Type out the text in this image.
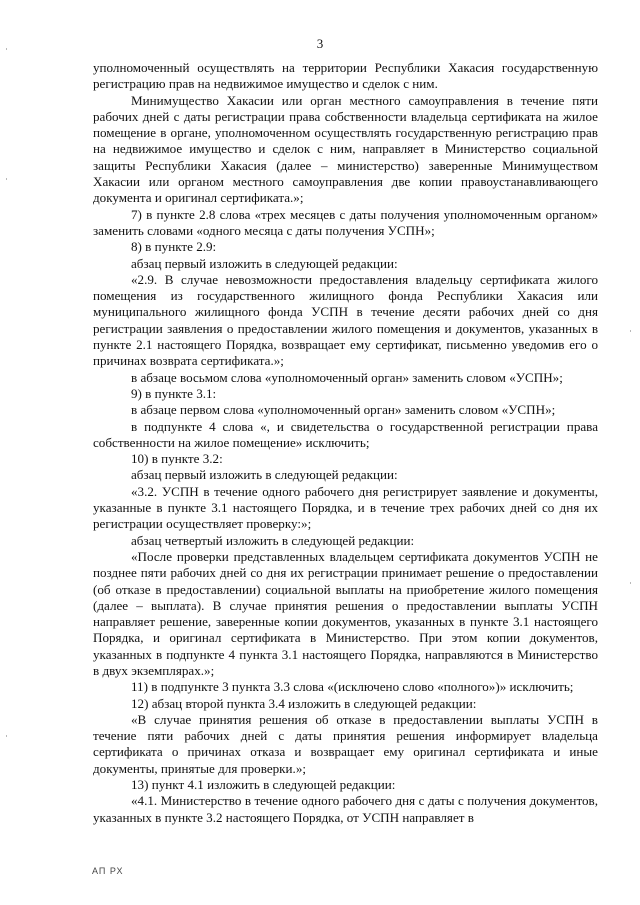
3

уполномоченный осуществлять на территории Республики Хакасия государственную регистрацию прав на недвижимое имущество и сделок с ним.

Минимущество Хакасии или орган местного самоуправления в течение пяти рабочих дней с даты регистрации права собственности владельца сертификата на жилое помещение в органе, уполномоченном осуществлять государственную регистрацию прав на недвижимое имущество и сделок с ним, направляет в Министерство социальной защиты Республики Хакасия (далее – министерство) заверенные Минимуществом Хакасии или органом местного самоуправления две копии правоустанавливающего документа и оригинал сертификата.»;

7) в пункте 2.8 слова «трех месяцев с даты получения уполномоченным органом» заменить словами «одного месяца с даты получения УСПН»;

8) в пункте 2.9:

абзац первый изложить в следующей редакции:

«2.9. В случае невозможности предоставления владельцу сертификата жилого помещения из государственного жилищного фонда Республики Хакасия или муниципального жилищного фонда УСПН в течение десяти рабочих дней со дня регистрации заявления о предоставлении жилого помещения и документов, указанных в пункте 2.1 настоящего Порядка, возвращает ему сертификат, письменно уведомив его о причинах возврата сертификата.»;

в абзаце восьмом слова «уполномоченный орган» заменить словом «УСПН»;

9) в пункте 3.1:

в абзаце первом слова «уполномоченный орган» заменить словом «УСПН»;

в подпункте 4 слова «, и свидетельства о государственной регистрации права собственности на жилое помещение» исключить;

10) в пункте 3.2:

абзац первый изложить в следующей редакции:

«3.2. УСПН в течение одного рабочего дня регистрирует заявление и документы, указанные в пункте 3.1 настоящего Порядка, и в течение трех рабочих дней со дня их регистрации осуществляет проверку:»;

абзац четвертый изложить в следующей редакции:

«После проверки представленных владельцем сертификата документов УСПН не позднее пяти рабочих дней со дня их регистрации принимает решение о предоставлении (об отказе в предоставлении) социальной выплаты на приобретение жилого помещения (далее – выплата). В случае принятия решения о предоставлении выплаты УСПН направляет решение, заверенные копии документов, указанных в пункте 3.1 настоящего Порядка, и оригинал сертификата в Министерство. При этом копии документов, указанных в подпункте 4 пункта 3.1 настоящего Порядка, направляются в Министерство в двух экземплярах.»;

11) в подпункте 3 пункта 3.3 слова «(исключено слово «полного»)» исключить;

12) абзац второй пункта 3.4 изложить в следующей редакции:

«В случае принятия решения об отказе в предоставлении выплаты УСПН в течение пяти рабочих дней с даты принятия решения информирует владельца сертификата о причинах отказа и возвращает ему оригинал сертификата и иные документы, принятые для проверки.»;

13) пункт 4.1 изложить в следующей редакции:

«4.1. Министерство в течение одного рабочего дня с даты с получения документов, указанных в пункте 3.2 настоящего Порядка, от УСПН направляет в

АП РХ
